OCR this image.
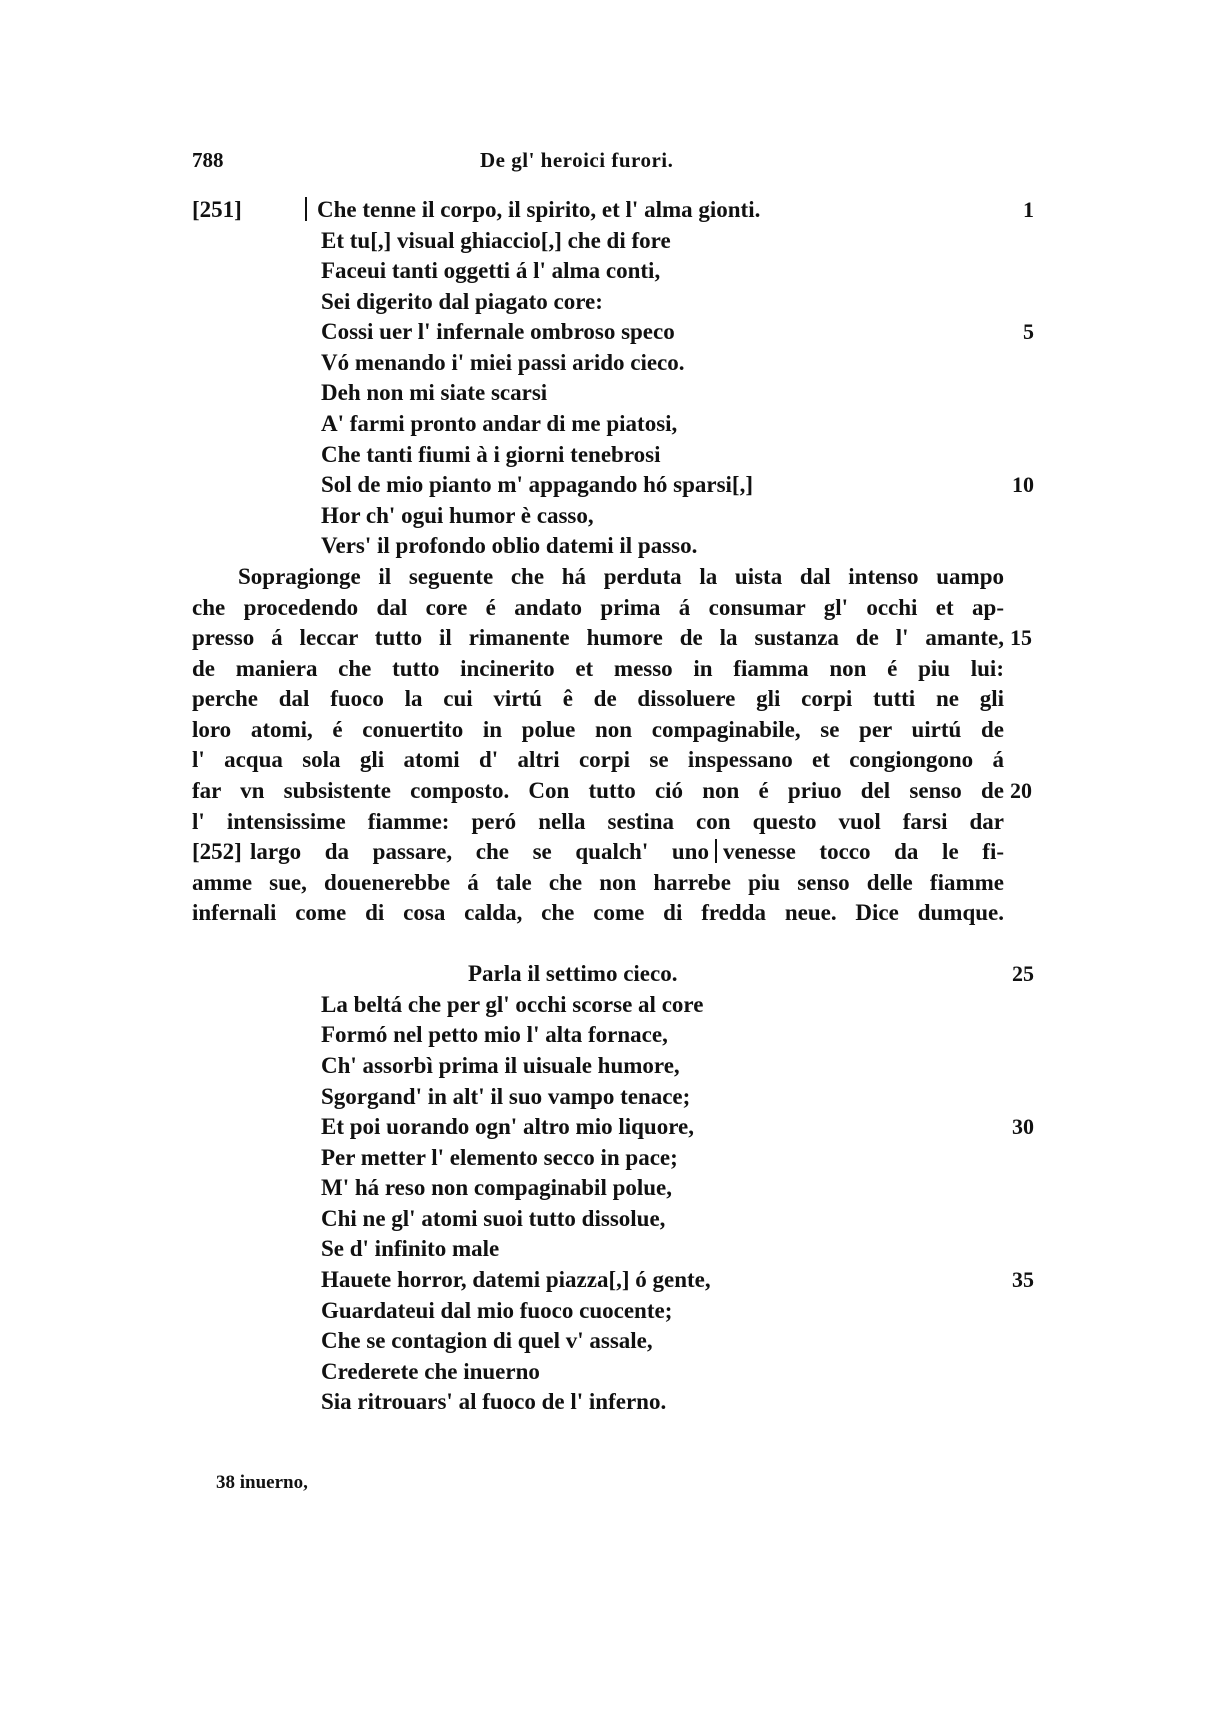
788	De gl' heroici furori.
[251]	Che tenne il corpo, il spirito, et l' alma gionti.
Et tu[,] visual ghiaccio[,] che di fore
Faceui tanti oggetti á l' alma conti,
Sei digerito dal piagato core:
Cossi uer l' infernale ombroso speco
Vó menando i' miei passi arido cieco.
Deh non mi siate scarsi
A' farmi pronto andar di me piatosi,
Che tanti fiumi à i giorni tenebrosi
Sol de mio pianto m' appagando hó sparsi[,]
Hor ch' ogui humor è casso,
Vers' il profondo oblio datemi il passo.
Sopragionge il seguente che há perduta la uista dal intenso uampo
che procedendo dal core é andato prima á consumar gl' occhi et ap-
presso á leccar tutto il rimanente humore de la sustanza de l' amante,
de maniera che tutto incinerito et messo in fiamma non é piu lui:
perche dal fuoco la cui virtú ê de dissoluere gli corpi tutti ne gli
loro atomi, é conuertito in polue non compaginabile, se per uirtú de
l' acqua sola gli atomi d' altri corpi se inspessano et congiongono á
far vn subsistente composto. Con tutto ció non é priuo del senso de
l' intensissime fiamme: peró nella sestina con questo vuol farsi dar
[252] largo da passare, che se qualch' uno venesse tocco da le fi-
amme sue, douenerebbe á tale che non harrebe piu senso delle fiamme
infernali come di cosa calda, che come di fredda neue. Dice dumque.
Parla il settimo cieco.
La beltá che per gl' occhi scorse al core
Formó nel petto mio l' alta fornace,
Ch' assorbì prima il uisuale humore,
Sgorgand' in alt' il suo vampo tenace;
Et poi uorando ogn' altro mio liquore,
Per metter l' elemento secco in pace;
M' há reso non compaginabil polue,
Chi ne gl' atomi suoi tutto dissolue,
Se d' infinito male
Hauete horror, datemi piazza[,] ó gente,
Guardateui dal mio fuoco cuocente;
Che se contagion di quel v' assale,
Crederete che inuerno
Sia ritrouars' al fuoco de l' inferno.
1
5
10
15
20
25
30
35
38 inuerno,
